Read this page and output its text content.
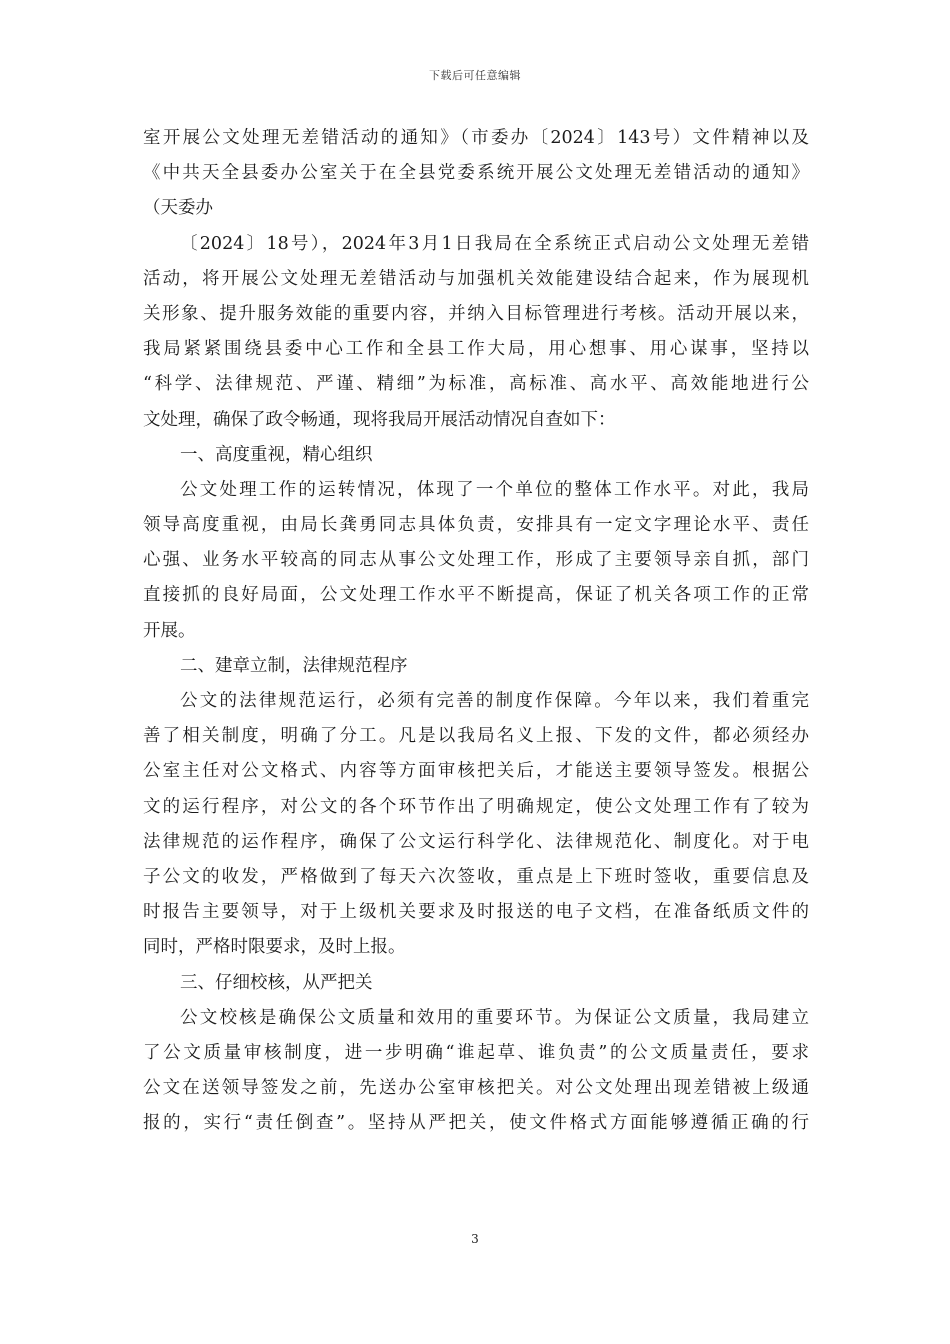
下载后可任意编辑
室开展公文处理无差错活动的通知》（市委办〔2024〕143号）文件精神以及
《中共天全县委办公室关于在全县党委系统开展公文处理无差错活动的通知》
（天委办
〔2024〕18号），2024年3月1日我局在全系统正式启动公文处理无差错
活动，将开展公文处理无差错活动与加强机关效能建设结合起来，作为展现机
关形象、提升服务效能的重要内容，并纳入目标管理进行考核。活动开展以来，
我局紧紧围绕县委中心工作和全县工作大局，用心想事、用心谋事，坚持以
“科学、法律规范、严谨、精细”为标准，高标准、高水平、高效能地进行公
文处理，确保了政令畅通，现将我局开展活动情况自查如下：
一、高度重视，精心组织
公文处理工作的运转情况，体现了一个单位的整体工作水平。对此，我局
领导高度重视，由局长龚勇同志具体负责，安排具有一定文字理论水平、责任
心强、业务水平较高的同志从事公文处理工作，形成了主要领导亲自抓，部门
直接抓的良好局面，公文处理工作水平不断提高，保证了机关各项工作的正常
开展。
二、建章立制，法律规范程序
公文的法律规范运行，必须有完善的制度作保障。今年以来，我们着重完
善了相关制度，明确了分工。凡是以我局名义上报、下发的文件，都必须经办
公室主任对公文格式、内容等方面审核把关后，才能送主要领导签发。根据公
文的运行程序，对公文的各个环节作出了明确规定，使公文处理工作有了较为
法律规范的运作程序，确保了公文运行科学化、法律规范化、制度化。对于电
子公文的收发，严格做到了每天六次签收，重点是上下班时签收，重要信息及
时报告主要领导，对于上级机关要求及时报送的电子文档，在准备纸质文件的
同时，严格时限要求，及时上报。
三、仔细校核，从严把关
公文校核是确保公文质量和效用的重要环节。为保证公文质量，我局建立
了公文质量审核制度，进一步明确“谁起草、谁负责”的公文质量责任，要求
公文在送领导签发之前，先送办公室审核把关。对公文处理出现差错被上级通
报的，实行“责任倒查”。坚持从严把关，使文件格式方面能够遵循正确的行
3
